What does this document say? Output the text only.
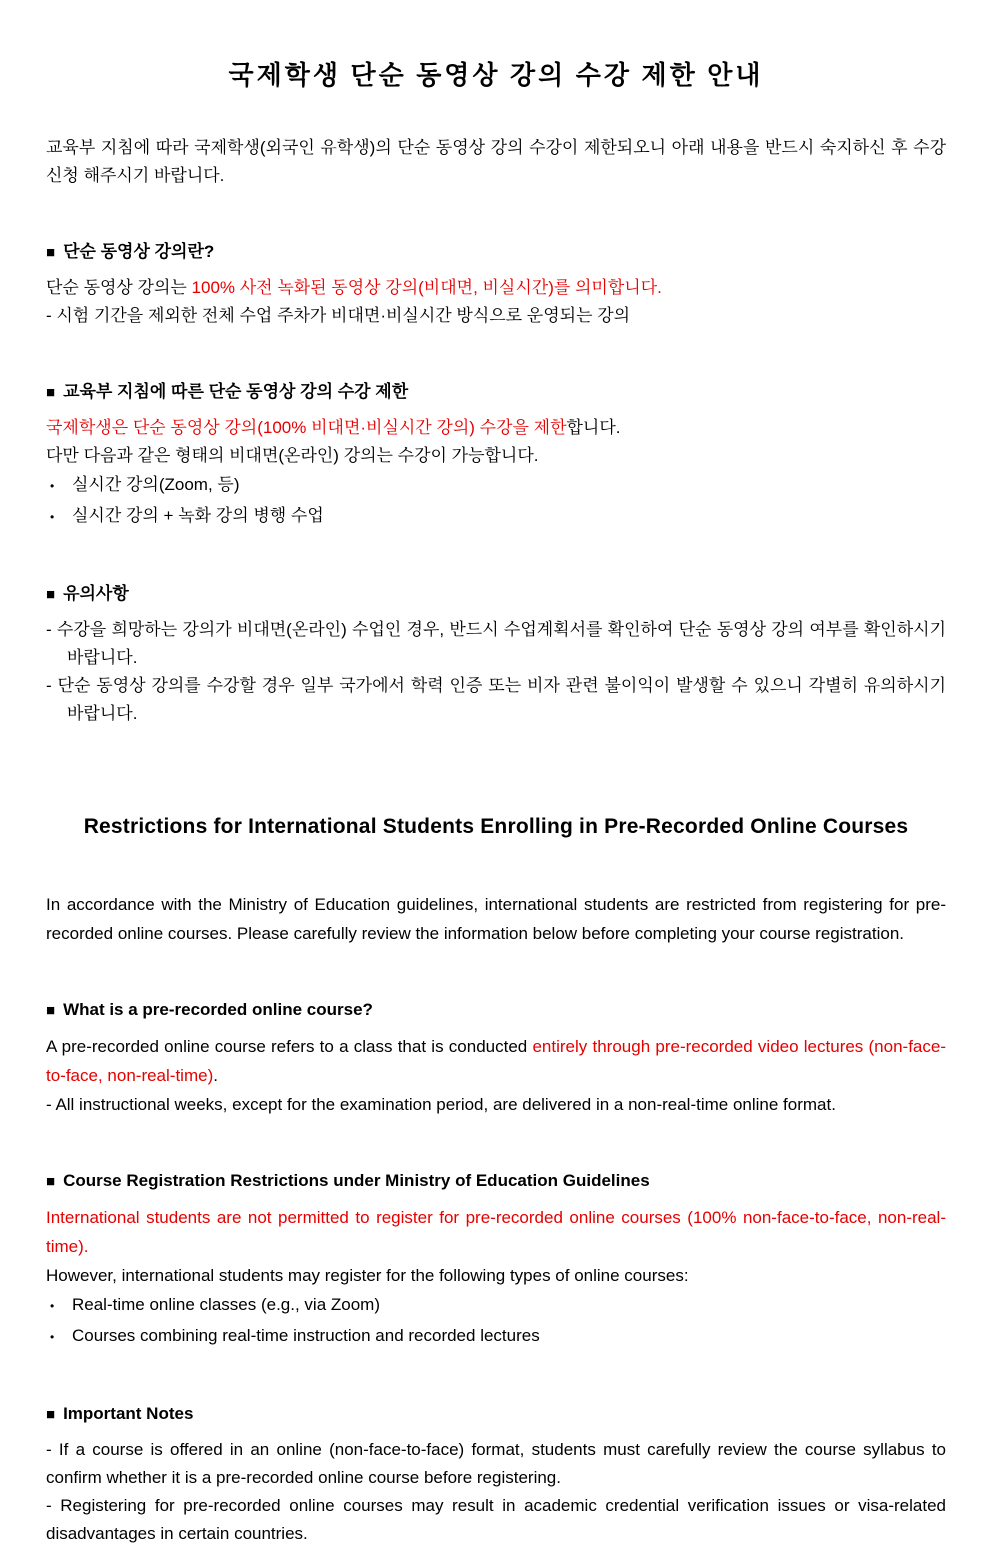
국제학생 단순 동영상 강의 수강 제한 안내

교육부 지침에 따라 국제학생(외국인 유학생)의 단순 동영상 강의 수강이 제한되오니 아래 내용을 반드시 숙지하신 후 수강신청 해주시기 바랍니다.

■ 단순 동영상 강의란?

단순 동영상 강의는 100% 사전 녹화된 동영상 강의(비대면, 비실시간)를 의미합니다.

- 시험 기간을 제외한 전체 수업 주차가 비대면·비실시간 방식으로 운영되는 강의

■ 교육부 지침에 따른 단순 동영상 강의 수강 제한

국제학생은 단순 동영상 강의(100% 비대면·비실시간 강의) 수강을 제한합니다.

다만 다음과 같은 형태의 비대면(온라인) 강의는 수강이 가능합니다.

• 실시간 강의(Zoom, 등)
• 실시간 강의 + 녹화 강의 병행 수업
■ 유의사항

- 수강을 희망하는 강의가 비대면(온라인) 수업인 경우, 반드시 수업계획서를 확인하여 단순 동영상 강의 여부를 확인하시기 바랍니다.

- 단순 동영상 강의를 수강할 경우 일부 국가에서 학력 인증 또는 비자 관련 불이익이 발생할 수 있으니 각별히 유의하시기 바랍니다.

Restrictions for International Students Enrolling in Pre-Recorded Online Courses

In accordance with the Ministry of Education guidelines, international students are restricted from registering for pre-recorded online courses. Please carefully review the information below before completing your course registration.

■ What is a pre-recorded online course?

A pre-recorded online course refers to a class that is conducted entirely through pre-recorded video lectures (non-face-to-face, non-real-time).

- All instructional weeks, except for the examination period, are delivered in a non-real-time online format.

■ Course Registration Restrictions under Ministry of Education Guidelines

International students are not permitted to register for pre-recorded online courses (100% non-face-to-face, non-real-time).

However, international students may register for the following types of online courses:

• Real-time online classes (e.g., via Zoom)
• Courses combining real-time instruction and recorded lectures
■ Important Notes

- If a course is offered in an online (non-face-to-face) format, students must carefully review the course syllabus to confirm whether it is a pre-recorded online course before registering.

- Registering for pre-recorded online courses may result in academic credential verification issues or visa-related disadvantages in certain countries.
